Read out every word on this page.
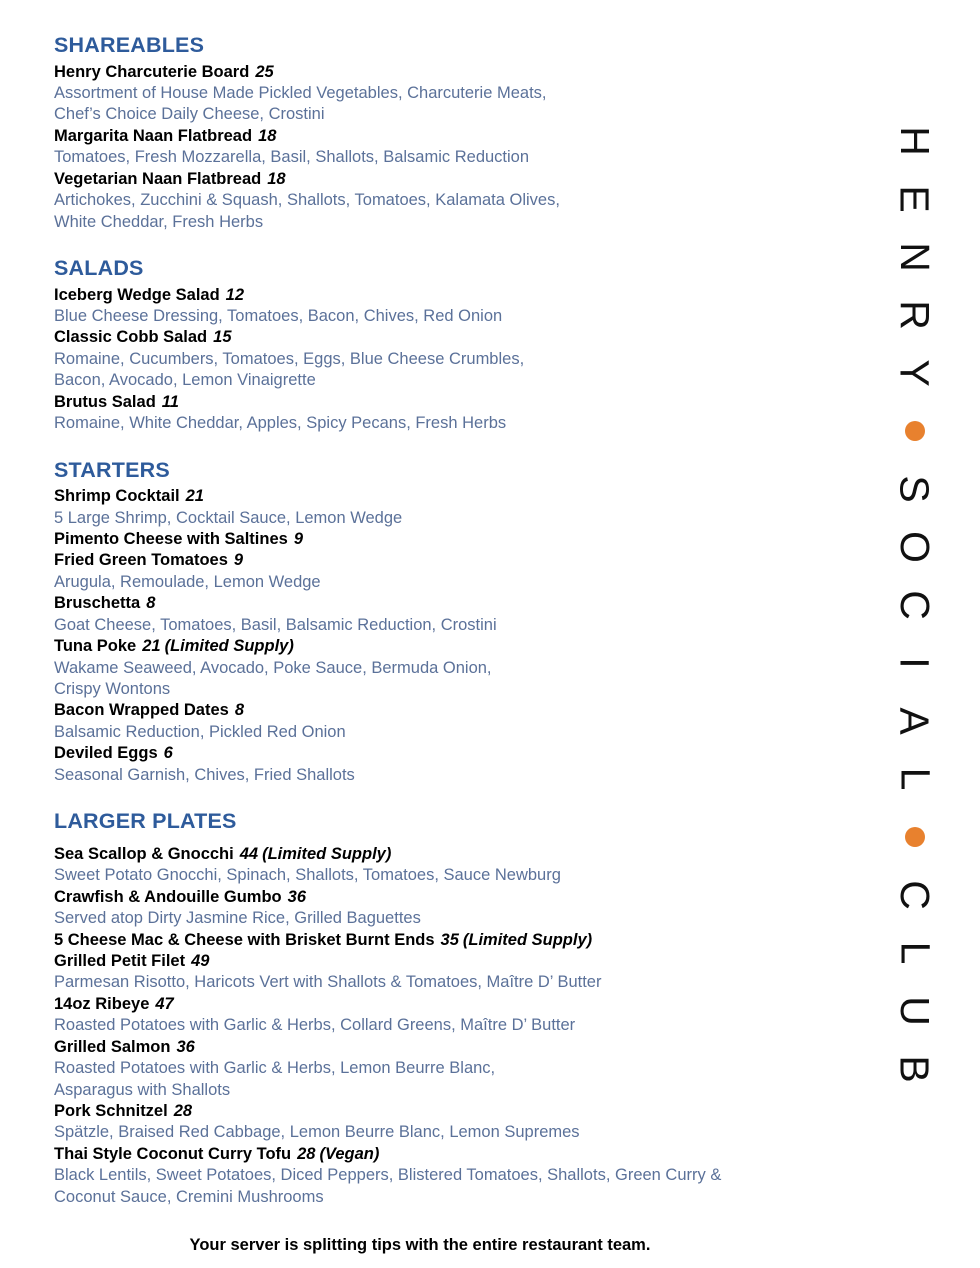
SHAREABLES
Henry Charcuterie Board 25
Assortment of House Made Pickled Vegetables, Charcuterie Meats,
Chef’s Choice Daily Cheese, Crostini
Margarita Naan Flatbread 18
Tomatoes, Fresh Mozzarella, Basil, Shallots, Balsamic Reduction
Vegetarian Naan Flatbread 18
Artichokes, Zucchini & Squash, Shallots, Tomatoes, Kalamata Olives,
White Cheddar, Fresh Herbs
SALADS
Iceberg Wedge Salad 12
Blue Cheese Dressing, Tomatoes, Bacon, Chives, Red Onion
Classic Cobb Salad 15
Romaine, Cucumbers, Tomatoes, Eggs, Blue Cheese Crumbles,
Bacon, Avocado, Lemon Vinaigrette
Brutus Salad 11
Romaine, White Cheddar, Apples, Spicy Pecans, Fresh Herbs
STARTERS
Shrimp Cocktail 21
5 Large Shrimp, Cocktail Sauce, Lemon Wedge
Pimento Cheese with Saltines 9
Fried Green Tomatoes 9
Arugula, Remoulade, Lemon Wedge
Bruschetta 8
Goat Cheese, Tomatoes, Basil, Balsamic Reduction, Crostini
Tuna Poke 21 (Limited Supply)
Wakame Seaweed, Avocado, Poke Sauce, Bermuda Onion,
Crispy Wontons
Bacon Wrapped Dates 8
Balsamic Reduction, Pickled Red Onion
Deviled Eggs 6
Seasonal Garnish, Chives, Fried Shallots
LARGER PLATES
Sea Scallop & Gnocchi 44 (Limited Supply)
Sweet Potato Gnocchi, Spinach, Shallots, Tomatoes, Sauce Newburg
Crawfish & Andouille Gumbo 36
Served atop Dirty Jasmine Rice, Grilled Baguettes
5 Cheese Mac & Cheese with Brisket Burnt Ends 35 (Limited Supply)
Grilled Petit Filet 49
Parmesan Risotto, Haricots Vert with Shallots & Tomatoes, Maître D’ Butter
14oz Ribeye 47
Roasted Potatoes with Garlic & Herbs, Collard Greens, Maître D’ Butter
Grilled Salmon 36
Roasted Potatoes with Garlic & Herbs, Lemon Beurre Blanc,
Asparagus with Shallots
Pork Schnitzel 28
Spätzle, Braised Red Cabbage, Lemon Beurre Blanc, Lemon Supremes
Thai Style Coconut Curry Tofu 28 (Vegan)
Black Lentils, Sweet Potatoes, Diced Peppers, Blistered Tomatoes, Shallots, Green Curry &
Coconut Sauce, Cremini Mushrooms
Your server is splitting tips with the entire restaurant team.
H
E
N
R
Y
S
O
C
I
A
L
C
L
U
B
